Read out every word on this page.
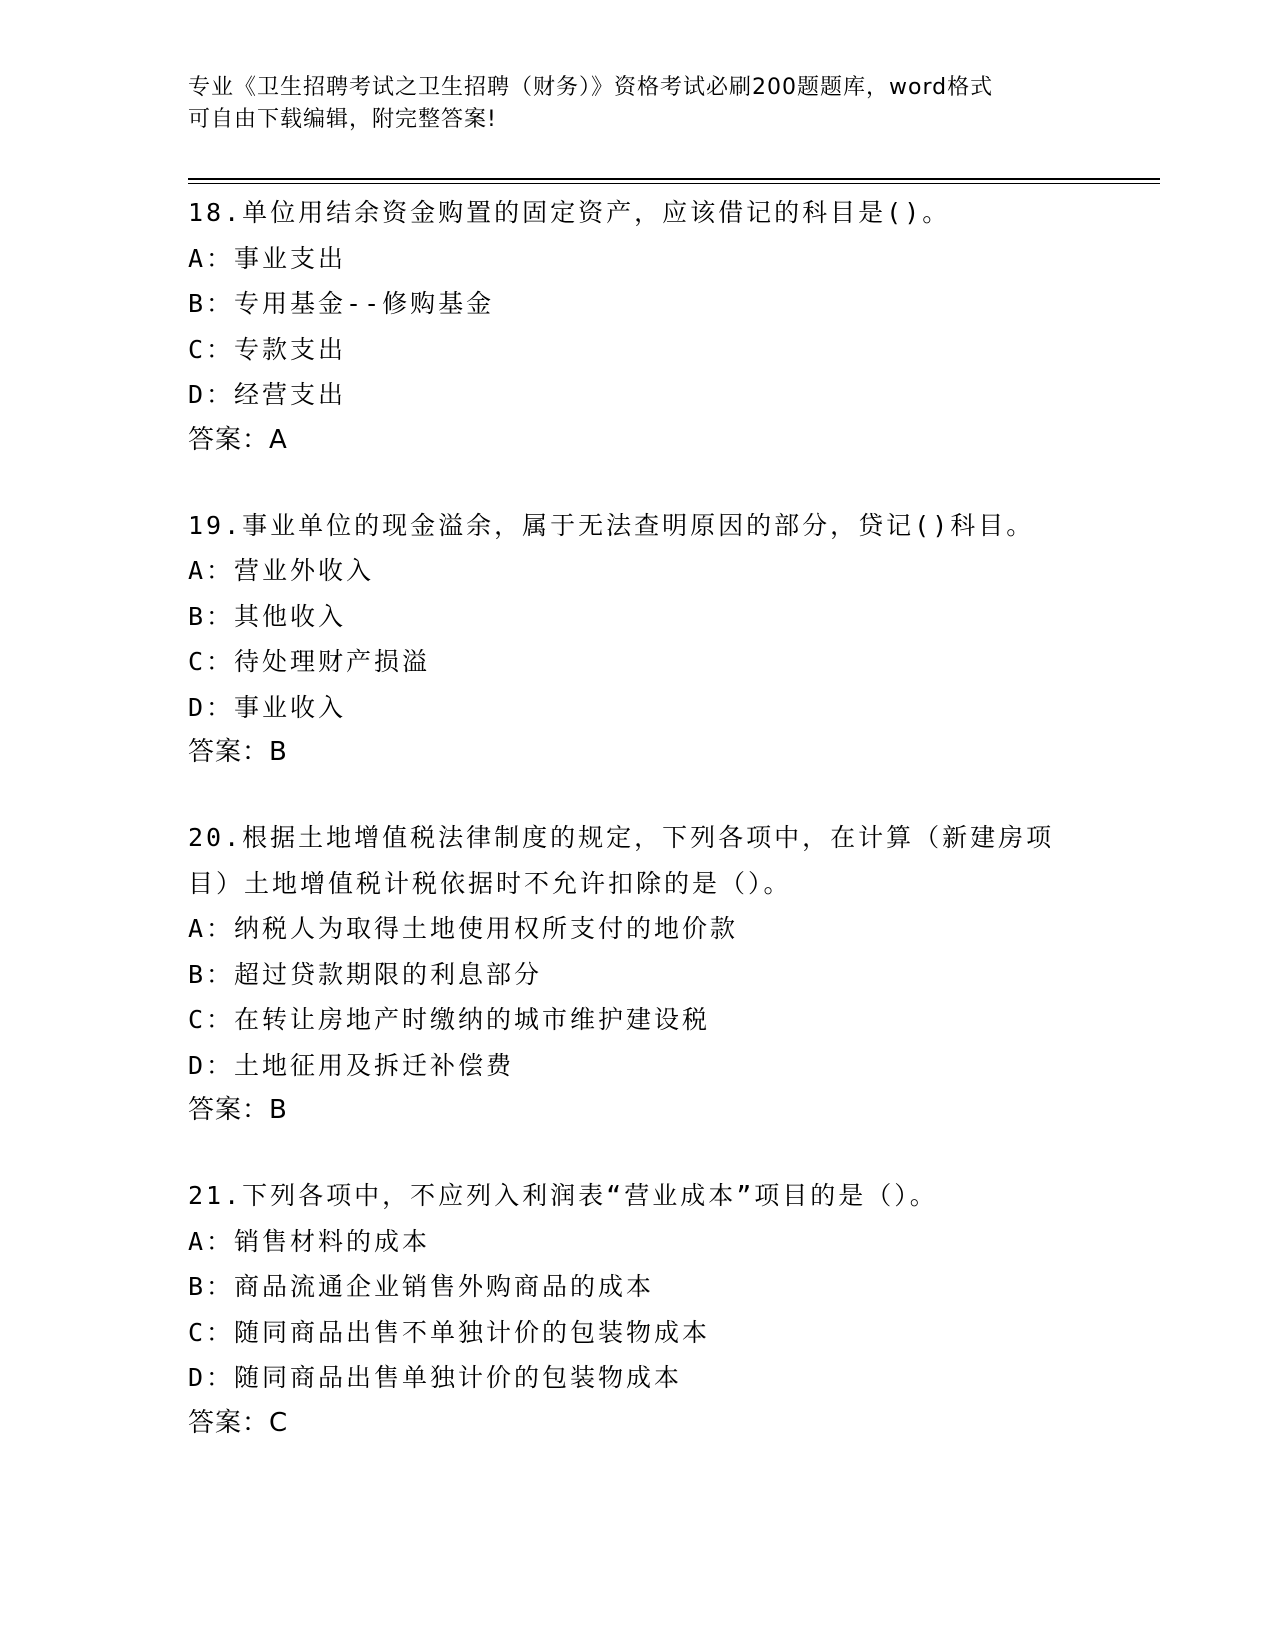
专业《卫生招聘考试之卫生招聘（财务）》资格考试必刷200题题库，word格式
可自由下载编辑，附完整答案!
18.单位用结余资金购置的固定资产，应该借记的科目是()。
A：事业支出
B：专用基金--修购基金
C：专款支出
D：经营支出
答案：A
19.事业单位的现金溢余，属于无法查明原因的部分，贷记()科目。
A：营业外收入
B：其他收入
C：待处理财产损溢
D：事业收入
答案：B
20.根据土地增值税法律制度的规定，下列各项中，在计算（新建房项
目）土地增值税计税依据时不允许扣除的是（）。
A：纳税人为取得土地使用权所支付的地价款
B：超过贷款期限的利息部分
C：在转让房地产时缴纳的城市维护建设税
D：土地征用及拆迁补偿费
答案：B
21.下列各项中，不应列入利润表“营业成本”项目的是（）。
A：销售材料的成本
B：商品流通企业销售外购商品的成本
C：随同商品出售不单独计价的包装物成本
D：随同商品出售单独计价的包装物成本
答案：C
